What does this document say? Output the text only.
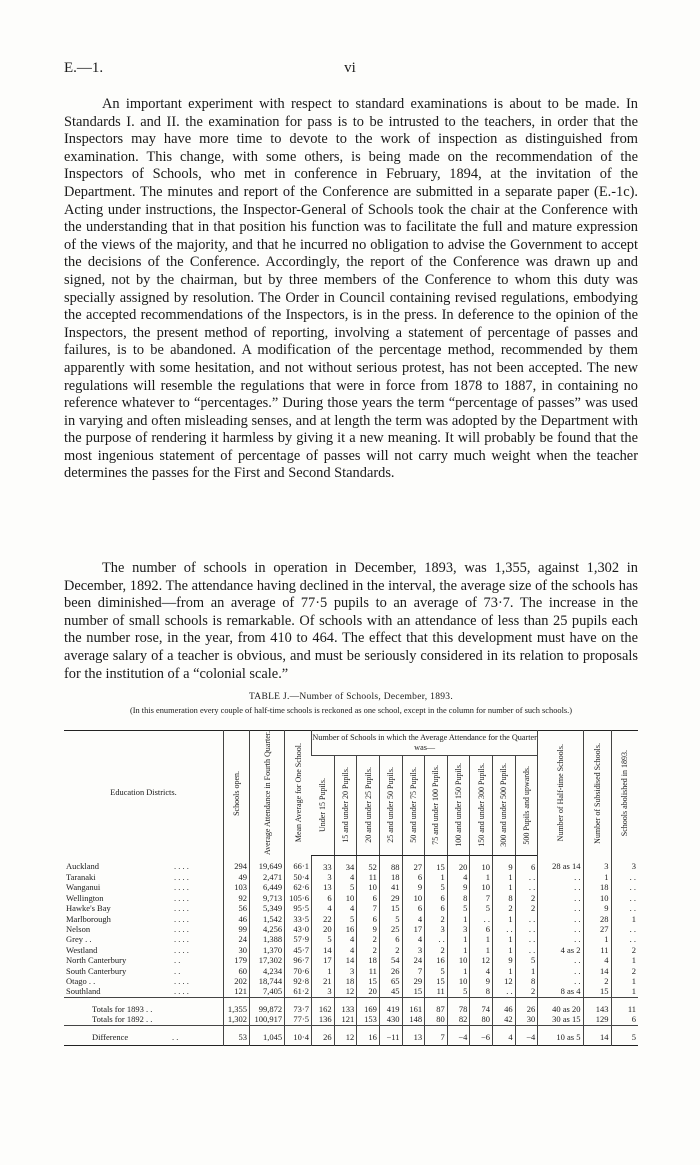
E.—1.	vi

An important experiment with respect to standard examinations is about to be made. In Standards I. and II. the examination for pass is to be intrusted to the teachers, in order that the Inspectors may have more time to devote to the work of inspection as distinguished from examination. This change, with some others, is being made on the recommendation of the Inspectors of Schools, who met in conference in February, 1894, at the invitation of the Department. The minutes and report of the Conference are submitted in a separate paper (E.-1c). Acting under instructions, the Inspector-General of Schools took the chair at the Conference with the understanding that in that position his function was to facilitate the full and mature expression of the views of the majority, and that he incurred no obligation to advise the Government to accept the decisions of the Conference. Accordingly, the report of the Conference was drawn up and signed, not by the chairman, but by three members of the Conference to whom this duty was specially assigned by resolution. The Order in Council containing revised regulations, embodying the accepted recommendations of the Inspectors, is in the press. In deference to the opinion of the Inspectors, the present method of reporting, involving a statement of percentage of passes and failures, is to be abandoned. A modification of the percentage method, recommended by them apparently with some hesitation, and not without serious protest, has not been accepted. The new regulations will resemble the regulations that were in force from 1878 to 1887, in containing no reference whatever to “percentages.” During those years the term “percentage of passes” was used in varying and often misleading senses, and at length the term was adopted by the Department with the purpose of rendering it harmless by giving it a new meaning. It will probably be found that the most ingenious statement of percentage of passes will not carry much weight when the teacher determines the passes for the First and Second Standards.

The number of schools in operation in December, 1893, was 1,355, against 1,302 in December, 1892. The attendance having declined in the interval, the average size of the schools has been diminished—from an average of 77·5 pupils to an average of 73·7. The increase in the number of small schools is remarkable. Of schools with an attendance of less than 25 pupils each the number rose, in the year, from 410 to 464. The effect that this development must have on the average salary of a teacher is obvious, and must be seriously considered in its relation to proposals for the institution of a “colonial scale.”

TABLE J.—Number of Schools, December, 1893.
(In this enumeration every couple of half-time schools is reckoned as one school, except in the column for number of such schools.)
Education Districts.	Schools open.	Average Attendance in Fourth Quarter.	Mean Average for One School.	Number of Schools in which the Average Attendance for the Quarter was—										Number of Half-time Schools.	Number of Subsidised Schools.	Schools abolished in 1893.

				Under 15 Pupils.	15 and under 20 Pupils.	20 and under 25 Pupils.	25 and under 50 Pupils.	50 and under 75 Pupils.	75 and under 100 Pupils.	100 and under 150 Pupils.	150 and under 300 Pupils.	300 and under 500 Pupils.	500 Pupils and upwards.			

Auckland . . . .	294	19,649	66·1	33	34	52	88	27	15	20	10	9	6	28 as 14	3	3
Taranaki . . . .	49	2,471	50·4	3	4	11	18	6	1	4	1	1	. .	. .	1	. .
Wanganui . . . .	103	6,449	62·6	13	5	10	41	9	5	9	10	1	. .	. .	18	. .
Wellington . . . .	92	9,713	105·6	6	10	6	29	10	6	8	7	8	2	. .	10	. .
Hawke's Bay . . . .	56	5,349	95·5	4	4	7	15	6	6	5	5	2	2	. .	9	. .
Marlborough . . . .	46	1,542	33·5	22	5	6	5	4	2	1	. .	1	. .	. .	28	1
Nelson . . . .	99	4,256	43·0	20	16	9	25	17	3	3	6	. .	. .	. .	27	. .
Grey . . . . . .	24	1,388	57·9	5	4	2	6	4	. .	1	1	1	. .	. .	1	. .
Westland . . . .	30	1,370	45·7	14	4	2	2	3	2	1	1	1	. .	4 as 2	11	2
North Canterbury . .	179	17,302	96·7	17	14	18	54	24	16	10	12	9	5	. .	4	1
South Canterbury . .	60	4,234	70·6	1	3	11	26	7	5	1	4	1	1	. .	14	2
Otago . . . . . .	202	18,744	92·8	21	18	15	65	29	15	10	9	12	8	. .	2	1
Southland . . . .	121	7,405	61·2	3	12	20	45	15	11	5	8	. .	2	8 as 4	15	1
Totals for 1893 . .	1,355	99,872	73·7	162	133	169	419	161	87	78	74	46	26	40 as 20	143	11
Totals for 1892 . .	1,302	100,917	77·5	136	121	153	430	148	80	82	80	42	30	30 as 15	129	6
Difference . .	53	1,045	10·4	26	12	16	−11	13	7	−4	−6	4	−4	10 as 5	14	5
